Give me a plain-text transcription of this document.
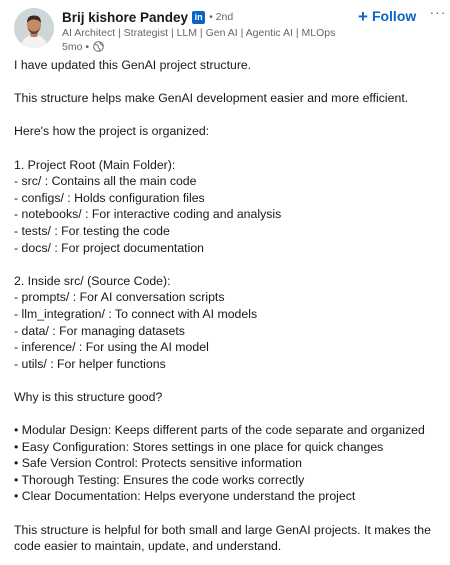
Brij kishore Pandey in • 2nd
AI Architect | Strategist | LLM | Gen AI | Agentic AI | MLOps
5mo •
+ Follow ···
I have updated this GenAI project structure.
This structure helps make GenAI development easier and more efficient.
Here's how the project is organized:
1. Project Root (Main Folder):
- src/ : Contains all the main code
- configs/ : Holds configuration files
- notebooks/ : For interactive coding and analysis
- tests/ : For testing the code
- docs/ : For project documentation
2. Inside src/ (Source Code):
- prompts/ : For AI conversation scripts
- llm_integration/ : To connect with AI models
- data/ : For managing datasets
- inference/ : For using the AI model
- utils/ : For helper functions
Why is this structure good?
• Modular Design: Keeps different parts of the code separate and organized
• Easy Configuration: Stores settings in one place for quick changes
• Safe Version Control: Protects sensitive information
• Thorough Testing: Ensures the code works correctly
• Clear Documentation: Helps everyone understand the project
This structure is helpful for both small and large GenAI projects. It makes the code easier to maintain, update, and understand.
